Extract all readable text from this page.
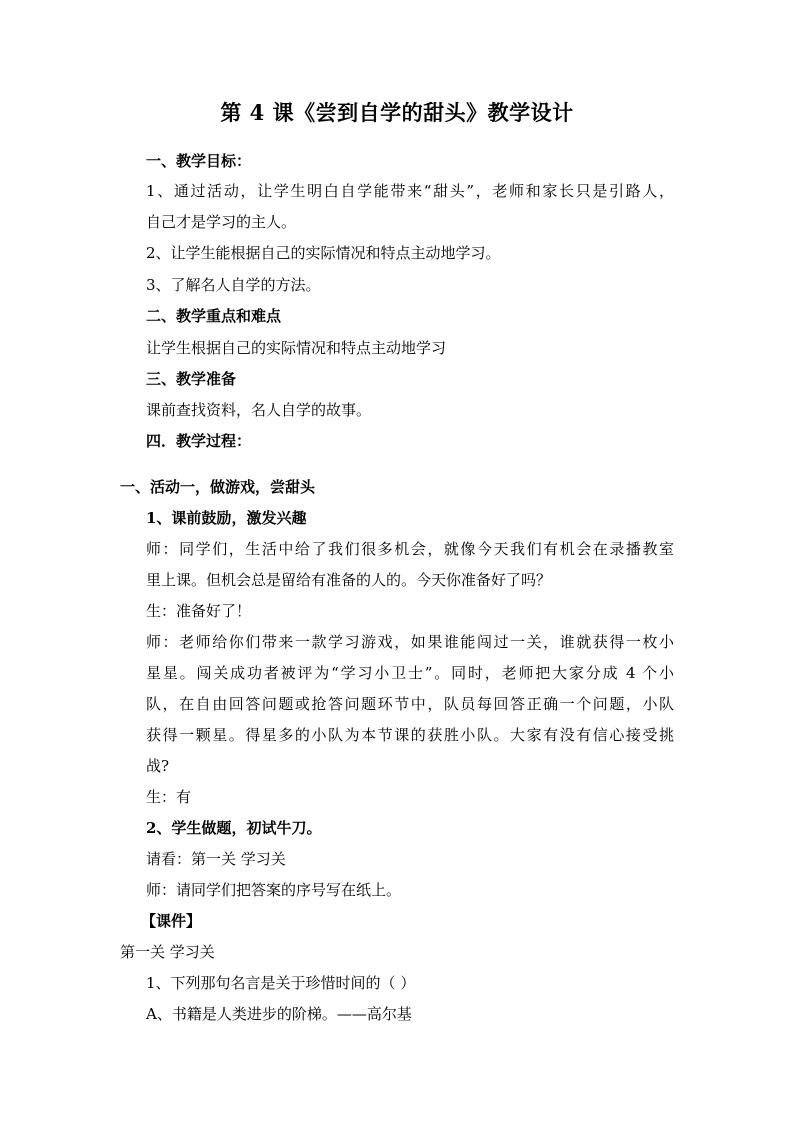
第 4 课《尝到自学的甜头》教学设计
一、教学目标：
1、通过活动，让学生明白自学能带来“甜头”，老师和家长只是引路人，
自己才是学习的主人。
2、让学生能根据自己的实际情况和特点主动地学习。
3、了解名人自学的方法。
二、教学重点和难点
让学生根据自己的实际情况和特点主动地学习
三、教学准备
课前查找资料，名人自学的故事。
四．教学过程：
一、活动一，做游戏，尝甜头
1、课前鼓励，激发兴趣
师：同学们，生活中给了我们很多机会，就像今天我们有机会在录播教室
里上课。但机会总是留给有准备的人的。今天你准备好了吗？
生：准备好了！
师：老师给你们带来一款学习游戏，如果谁能闯过一关，谁就获得一枚小
星星。闯关成功者被评为“学习小卫士”。同时，老师把大家分成 4 个小
队，在自由回答问题或抢答问题环节中，队员每回答正确一个问题，小队
获得一颗星。得星多的小队为本节课的获胜小队。大家有没有信心接受挑
战?
生：有
2、学生做题，初试牛刀。
请看：第一关 学习关
师：请同学们把答案的序号写在纸上。
【课件】
第一关 学习关
1、下列那句名言是关于珍惜时间的（ ）
A、书籍是人类进步的阶梯。——高尔基
